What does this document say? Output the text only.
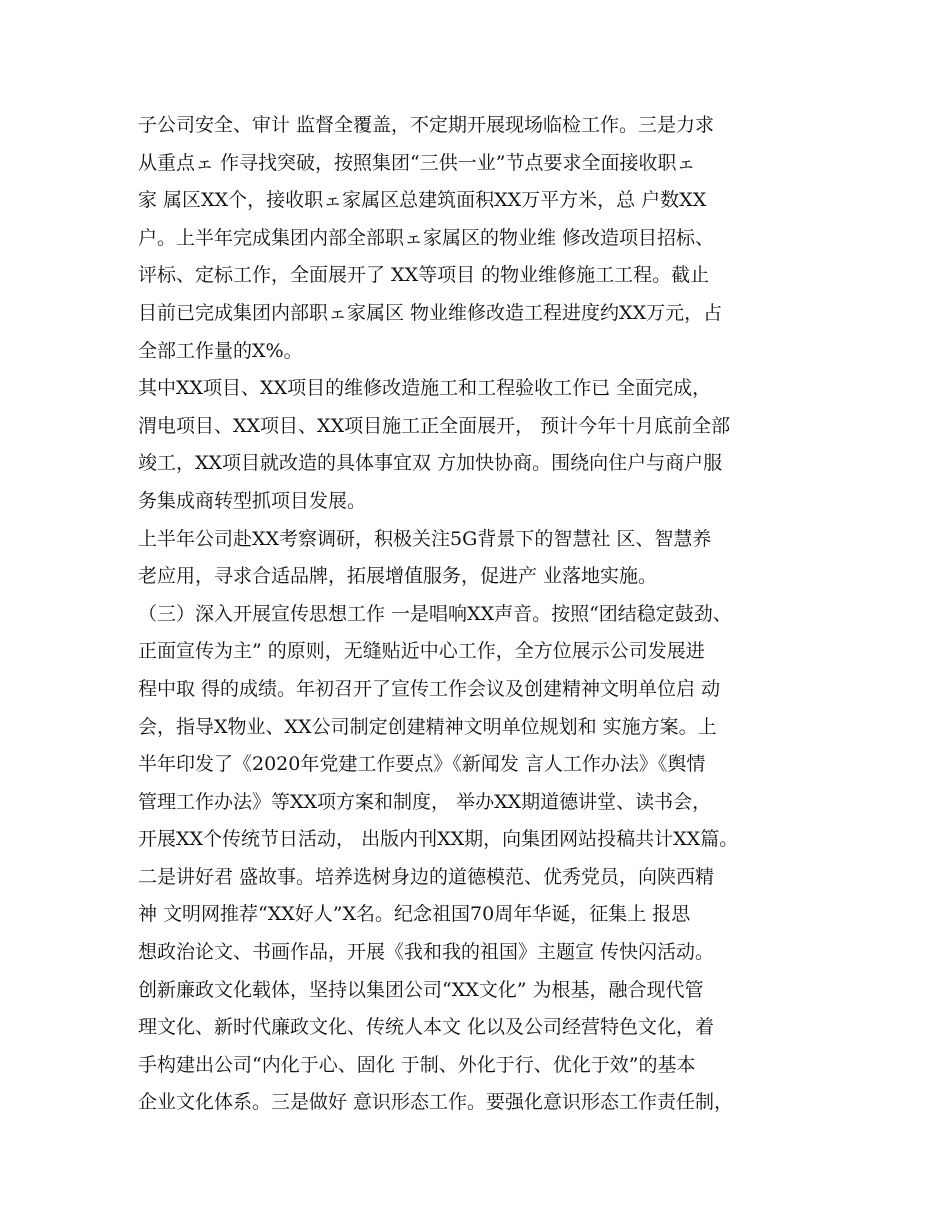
子公司安全、审计 监督全覆盖，不定期开展现场临检工作。三是力求
从重点ェ 作寻找突破，按照集团“三供一业”节点要求全面接收职ェ
家 属区XX个，接收职ェ家属区总建筑面积XX万平方米，总 户数XX
户。上半年完成集团内部全部职ェ家属区的物业维 修改造项目招标、
评标、定标工作，全面展开了 XX等项目 的物业维修施工工程。截止
目前已完成集团内部职ェ家属区 物业维修改造工程进度约XX万元，占
全部工作量的X%。
其中XX项目、XX项目的维修改造施工和工程验收工作已 全面完成，
渭电项目、XX项目、XX项目施工正全面展开， 预计今年十月底前全部
竣工，XX项目就改造的具体事宜双 方加快协商。围绕向住户与商户服
务集成商转型抓项目发展。
上半年公司赴XX考察调研，积极关注5G背景下的智慧社 区、智慧养
老应用，寻求合适品牌，拓展增值服务，促进产 业落地实施。
（三）深入开展宣传思想工作 一是唱响XX声音。按照“团结稳定鼓劲、
正面宣传为主” 的原则，无缝贴近中心工作，全方位展示公司发展进
程中取 得的成绩。年初召开了宣传工作会议及创建精神文明单位启 动
会，指导X物业、XX公司制定创建精神文明单位规划和 实施方案。上
半年印发了《2020年党建工作要点》《新闻发 言人工作办法》《舆情
管理工作办法》等XX项方案和制度， 举办XX期道德讲堂、读书会，
开展XX个传统节日活动， 出版内刊XX期，向集团网站投稿共计XX篇。
二是讲好君 盛故事。培养选树身边的道德模范、优秀党员，向陕西精
神 文明网推荐“XX好人”X名。纪念祖国70周年华诞，征集上 报思
想政治论文、书画作品，开展《我和我的祖国》主题宣 传快闪活动。
创新廉政文化载体，坚持以集团公司“XX文化” 为根基，融合现代管
理文化、新时代廉政文化、传统人本文 化以及公司经营特色文化，着
手构建出公司“内化于心、固化 于制、外化于行、优化于效”的基本
企业文化体系。三是做好 意识形态工作。要强化意识形态工作责任制，
